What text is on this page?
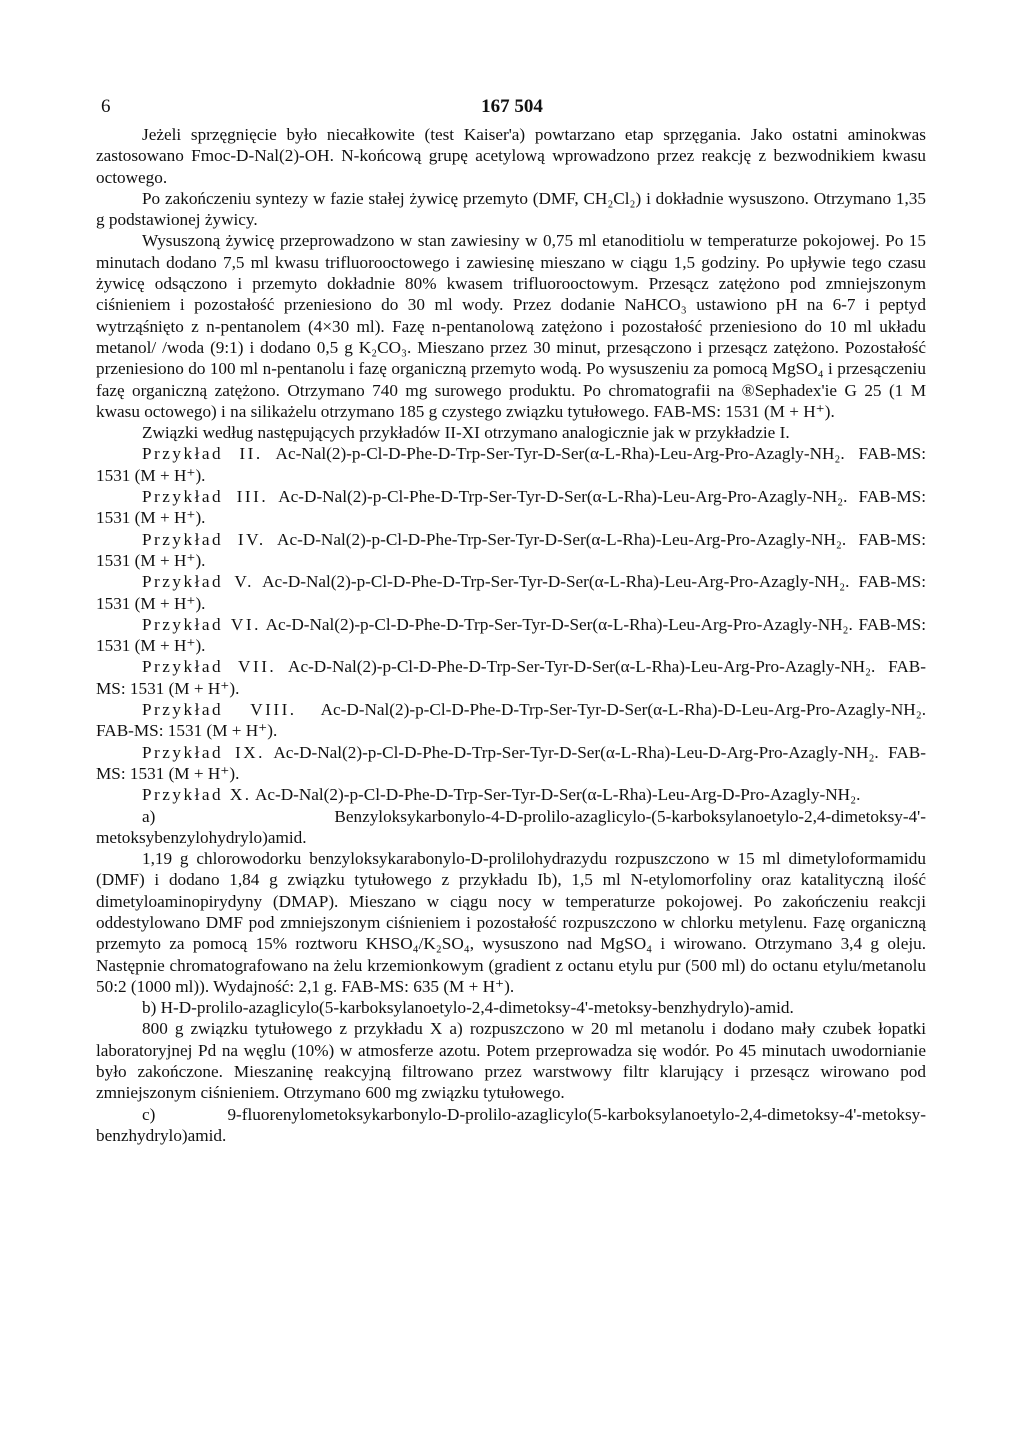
6	167 504

Jeżeli sprzęgnięcie było niecałkowite (test Kaiser'a) powtarzano etap sprzęgania. Jako ostatni aminokwas zastosowano Fmoc-D-Nal(2)-OH. N-końcową grupę acetylową wprowadzono przez reakcję z bezwodnikiem kwasu octowego.

Po zakończeniu syntezy w fazie stałej żywicę przemyto (DMF, CH₂Cl₂) i dokładnie wysuszono. Otrzymano 1,35 g podstawionej żywicy.

Wysuszoną żywicę przeprowadzono w stan zawiesiny w 0,75 ml etanoditiolu w temperaturze pokojowej. Po 15 minutach dodano 7,5 ml kwasu trifluorooctowego i zawiesinę mieszano w ciągu 1,5 godziny. Po upływie tego czasu żywicę odsączono i przemyto dokładnie 80% kwasem trifluorooctowym. Przesącz zatężono pod zmniejszonym ciśnieniem i pozostałość przeniesiono do 30 ml wody. Przez dodanie NaHCO₃ ustawiono pH na 6-7 i peptyd wytrząśnięto z n-pentanolem (4×30 ml). Fazę n-pentanolową zatężono i pozostałość przeniesiono do 10 ml układu metanol/ /woda (9:1) i dodano 0,5 g K₂CO₃. Mieszano przez 30 minut, przesączono i przesącz zatężono. Pozostałość przeniesiono do 100 ml n-pentanolu i fazę organiczną przemyto wodą. Po wysuszeniu za pomocą MgSO₄ i przesączeniu fazę organiczną zatężono. Otrzymano 740 mg surowego produktu. Po chromatografii na ®Sephadex'ie G 25 (1 M kwasu octowego) i na silikażelu otrzymano 185 g czystego związku tytułowego. FAB-MS: 1531 (M + H⁺).

Związki według następujących przykładów II-XI otrzymano analogicznie jak w przykładzie I.

Przykład II. Ac-Nal(2)-p-Cl-D-Phe-D-Trp-Ser-Tyr-D-Ser(α-L-Rha)-Leu-Arg-Pro-Azagly-NH₂. FAB-MS: 1531 (M + H⁺).

Przykład III. Ac-D-Nal(2)-p-Cl-Phe-D-Trp-Ser-Tyr-D-Ser(α-L-Rha)-Leu-Arg-Pro-Azagly-NH₂. FAB-MS: 1531 (M + H⁺).

Przykład IV. Ac-D-Nal(2)-p-Cl-D-Phe-Trp-Ser-Tyr-D-Ser(α-L-Rha)-Leu-Arg-Pro-Azagly-NH₂. FAB-MS: 1531 (M + H⁺).

Przykład V. Ac-D-Nal(2)-p-Cl-D-Phe-D-Trp-Ser-Tyr-D-Ser(α-L-Rha)-Leu-Arg-Pro-Azagly-NH₂. FAB-MS: 1531 (M + H⁺).

Przykład VI. Ac-D-Nal(2)-p-Cl-D-Phe-D-Trp-Ser-Tyr-D-Ser(α-L-Rha)-Leu-Arg-Pro-Azagly-NH₂. FAB-MS: 1531 (M + H⁺).

Przykład VII. Ac-D-Nal(2)-p-Cl-D-Phe-D-Trp-Ser-Tyr-D-Ser(α-L-Rha)-Leu-Arg-Pro-Azagly-NH₂. FAB-MS: 1531 (M + H⁺).

Przykład VIII. Ac-D-Nal(2)-p-Cl-D-Phe-D-Trp-Ser-Tyr-D-Ser(α-L-Rha)-D-Leu-Arg-Pro-Azagly-NH₂. FAB-MS: 1531 (M + H⁺).

Przykład IX. Ac-D-Nal(2)-p-Cl-D-Phe-D-Trp-Ser-Tyr-D-Ser(α-L-Rha)-Leu-D-Arg-Pro-Azagly-NH₂. FAB-MS: 1531 (M + H⁺).

Przykład X. Ac-D-Nal(2)-p-Cl-D-Phe-D-Trp-Ser-Tyr-D-Ser(α-L-Rha)-Leu-Arg-D-Pro-Azagly-NH₂.

a) Benzyloksykarbonylo-4-D-prolilo-azaglicylo-(5-karboksylanoetylo-2,4-dimetoksy-4'-metoksybenzylohydrylo)amid.

1,19 g chlorowodorku benzyloksykarabonylo-D-prolilohydrazydu rozpuszczono w 15 ml dimetyloformamidu (DMF) i dodano 1,84 g związku tytułowego z przykładu Ib), 1,5 ml N-etylomorfoliny oraz katalityczną ilość dimetyloaminopirydyny (DMAP). Mieszano w ciągu nocy w temperaturze pokojowej. Po zakończeniu reakcji oddestylowano DMF pod zmniejszonym ciśnieniem i pozostałość rozpuszczono w chlorku metylenu. Fazę organiczną przemyto za pomocą 15% roztworu KHSO₄/K₂SO₄, wysuszono nad MgSO₄ i wirowano. Otrzymano 3,4 g oleju. Następnie chromatografowano na żelu krzemionkowym (gradient z octanu etylu pur (500 ml) do octanu etylu/metanolu 50:2 (1000 ml)). Wydajność: 2,1 g. FAB-MS: 635 (M + H⁺).

b) H-D-prolilo-azaglicylo(5-karboksylanoetylo-2,4-dimetoksy-4'-metoksy-benzhydrylo)-amid.

800 g związku tytułowego z przykładu X a) rozpuszczono w 20 ml metanolu i dodano mały czubek łopatki laboratoryjnej Pd na węglu (10%) w atmosferze azotu. Potem przeprowadza się wodór. Po 45 minutach uwodornianie było zakończone. Mieszaninę reakcyjną filtrowano przez warstwowy filtr klarujący i przesącz wirowano pod zmniejszonym ciśnieniem. Otrzymano 600 mg związku tytułowego.

c) 9-fluorenylometoksykarbonylo-D-prolilo-azaglicylo(5-karboksylanoetylo-2,4-dimetoksy-4'-metoksy-benzhydrylo)amid.
